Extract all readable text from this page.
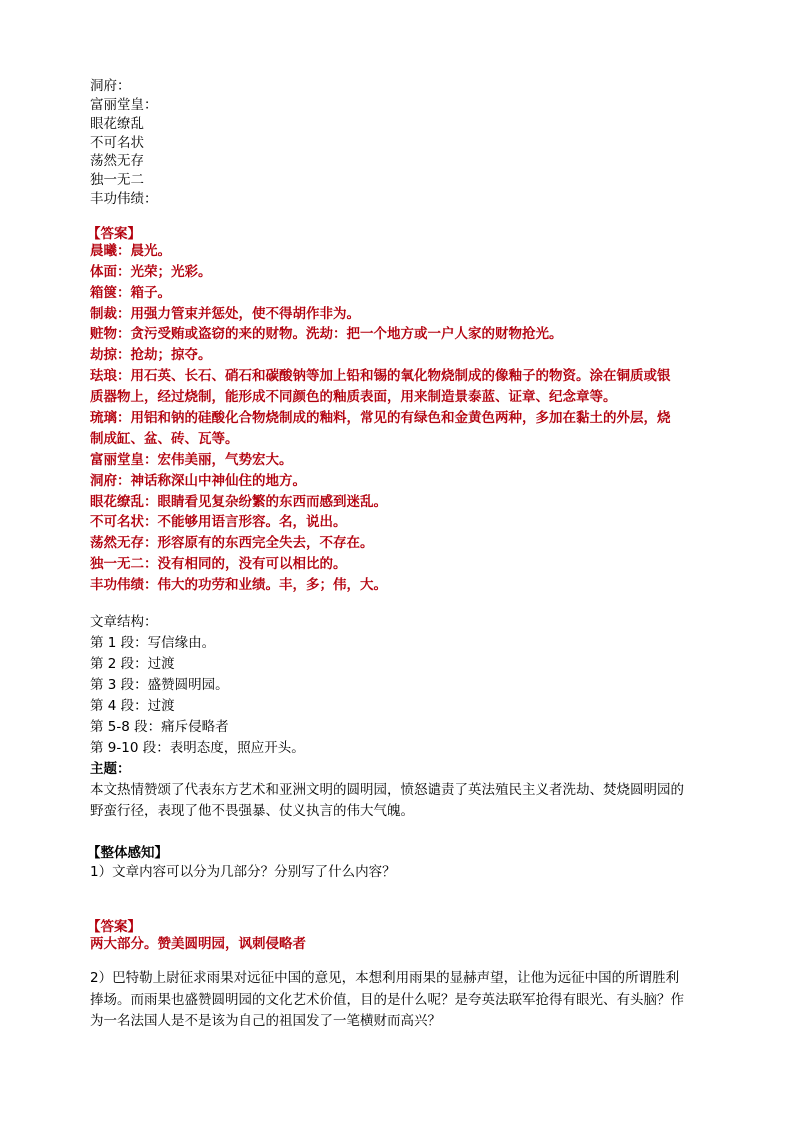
洞府：
富丽堂皇：
眼花缭乱
不可名状
荡然无存
独一无二
丰功伟绩：
【答案】
晨曦：晨光。
体面：光荣；光彩。
箱箧：箱子。
制裁：用强力管束并惩处，使不得胡作非为。
赃物：贪污受贿或盗窃的来的财物。洗劫：把一个地方或一户人家的财物抢光。
劫掠：抢劫；掠夺。
珐琅：用石英、长石、硝石和碳酸钠等加上铅和锡的氧化物烧制成的像釉子的物资。涂在铜质或银
质器物上，经过烧制，能形成不同颜色的釉质表面，用来制造景泰蓝、证章、纪念章等。
琉璃：用铝和钠的硅酸化合物烧制成的釉料，常见的有绿色和金黄色两种，多加在黏土的外层，烧
制成缸、盆、砖、瓦等。
富丽堂皇：宏伟美丽，气势宏大。
洞府：神话称深山中神仙住的地方。
眼花缭乱：眼睛看见复杂纷繁的东西而感到迷乱。
不可名状：不能够用语言形容。名，说出。
荡然无存：形容原有的东西完全失去，不存在。
独一无二：没有相同的，没有可以相比的。
丰功伟绩：伟大的功劳和业绩。丰，多；伟，大。
文章结构：
第 1 段：写信缘由。
第 2 段：过渡
第 3 段：盛赞圆明园。
第 4 段：过渡
第 5-8 段：痛斥侵略者
第 9-10 段：表明态度，照应开头。
主题：
本文热情赞颂了代表东方艺术和亚洲文明的圆明园，愤怒谴责了英法殖民主义者洗劫、焚烧圆明园的
野蛮行径，表现了他不畏强暴、仗义执言的伟大气魄。
【整体感知】
1）文章内容可以分为几部分？分别写了什么内容？
【答案】
两大部分。赞美圆明园，讽刺侵略者
2）巴特勒上尉征求雨果对远征中国的意见，本想利用雨果的显赫声望，让他为远征中国的所谓胜利
捧场。而雨果也盛赞圆明园的文化艺术价值，目的是什么呢？是夸英法联军抢得有眼光、有头脑？作
为一名法国人是不是该为自己的祖国发了一笔横财而高兴？
